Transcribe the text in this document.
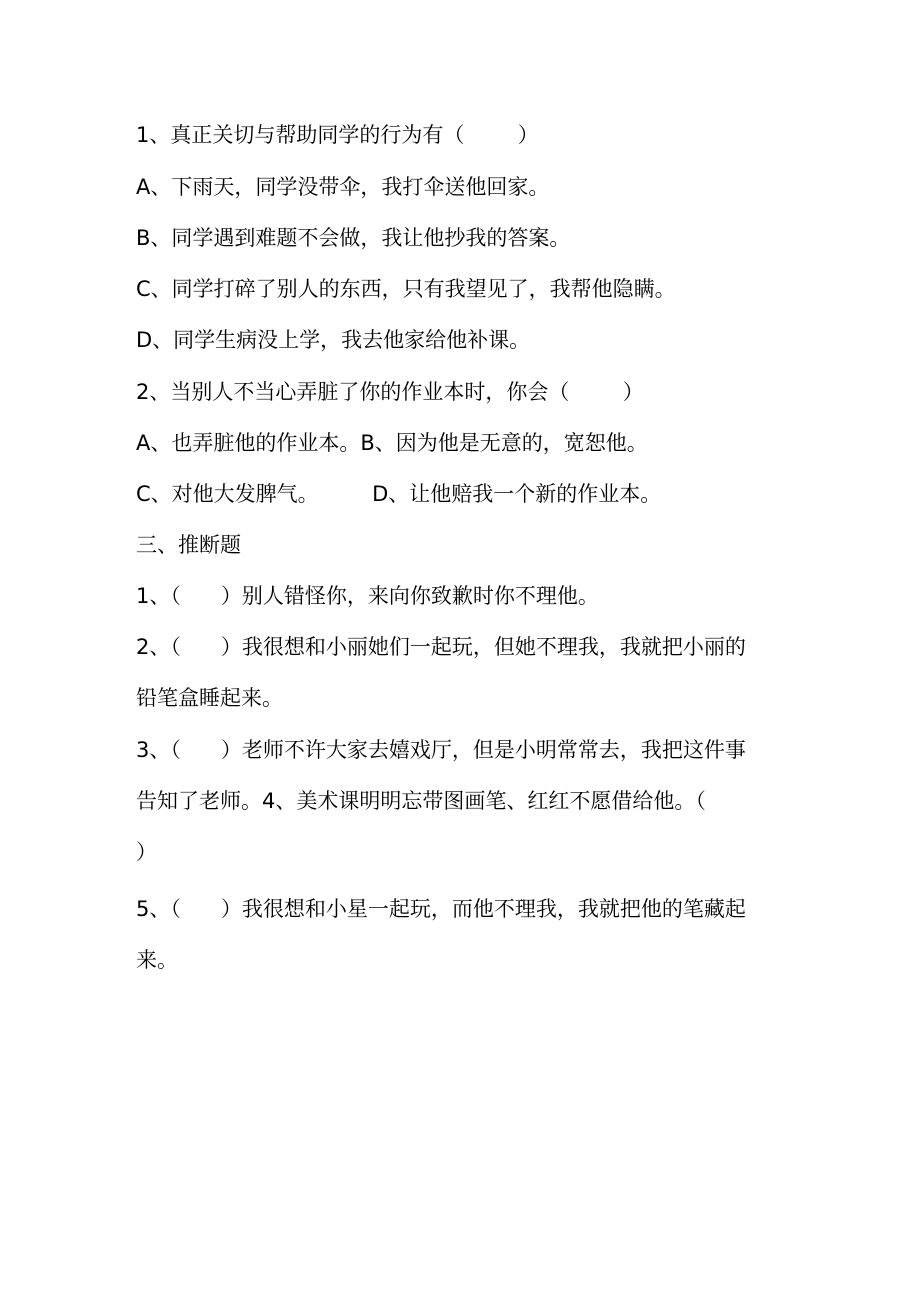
1、真正关切与帮助同学的行为有（        ）
A、下雨天，同学没带伞，我打伞送他回家。
B、同学遇到难题不会做，我让他抄我的答案。
C、同学打碎了别人的东西，只有我望见了，我帮他隐瞒。
D、同学生病没上学，我去他家给他补课。
2、当别人不当心弄脏了你的作业本时，你会（        ）
A、也弄脏他的作业本。B、因为他是无意的，宽恕他。
C、对他大发脾气。        D、让他赔我一个新的作业本。
三、推断题
1、（      ）别人错怪你，来向你致歉时你不理他。
2、（      ）我很想和小丽她们一起玩，但她不理我，我就把小丽的
铅笔盒睡起来。
3、（      ）老师不许大家去嬉戏厅，但是小明常常去，我把这件事
告知了老师。4、美术课明明忘带图画笔、红红不愿借给他。（
）
5、（      ）我很想和小星一起玩，而他不理我，我就把他的笔藏起
来。
